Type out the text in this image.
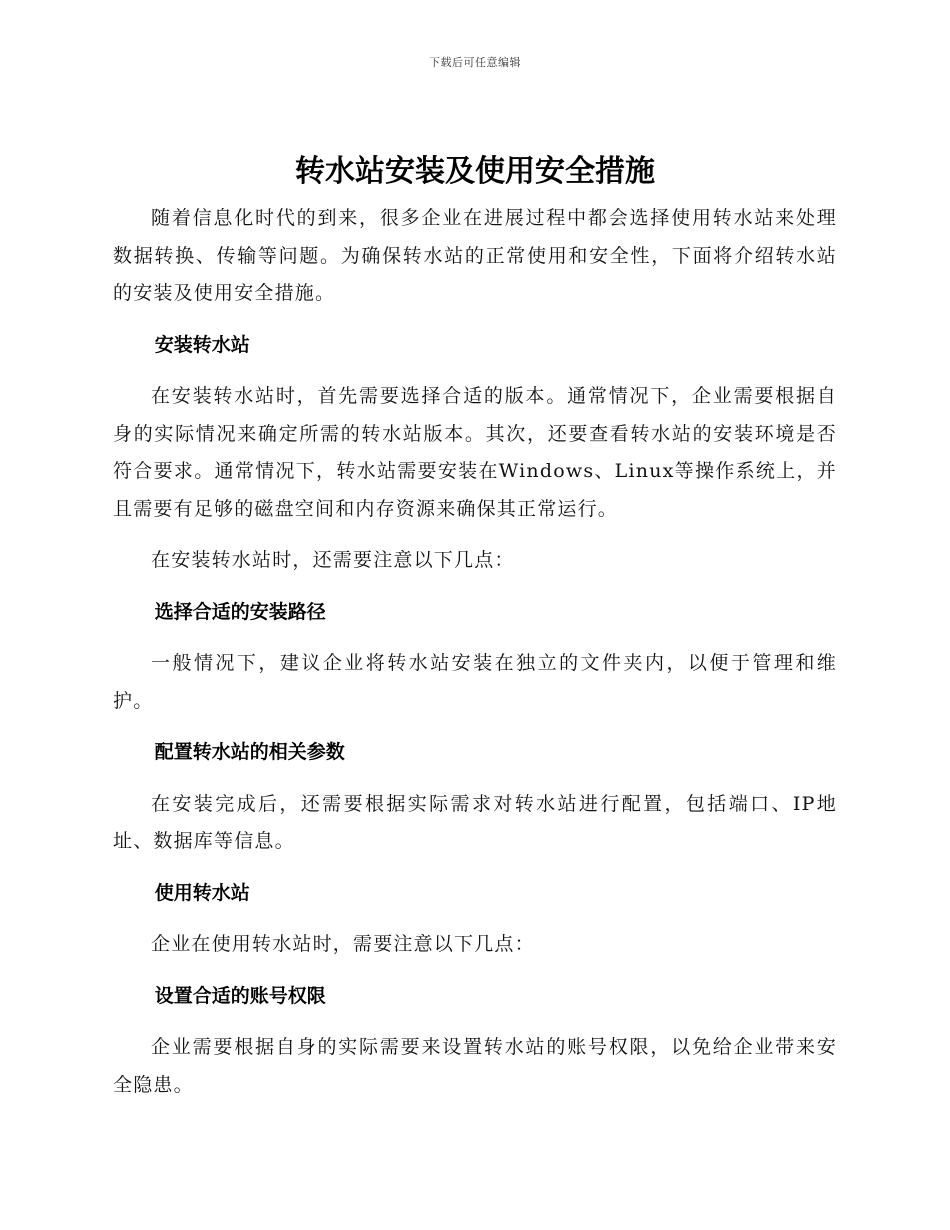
下载后可任意编辑
转水站安装及使用安全措施

随着信息化时代的到来，很多企业在进展过程中都会选择使用转水站来处理数据转换、传输等问题。为确保转水站的正常使用和安全性，下面将介绍转水站的安装及使用安全措施。

安装转水站

在安装转水站时，首先需要选择合适的版本。通常情况下，企业需要根据自身的实际情况来确定所需的转水站版本。其次，还要查看转水站的安装环境是否符合要求。通常情况下，转水站需要安装在Windows、Linux等操作系统上，并且需要有足够的磁盘空间和内存资源来确保其正常运行。

在安装转水站时，还需要注意以下几点：

选择合适的安装路径

一般情况下，建议企业将转水站安装在独立的文件夹内，以便于管理和维护。

配置转水站的相关参数

在安装完成后，还需要根据实际需求对转水站进行配置，包括端口、IP地址、数据库等信息。

使用转水站

企业在使用转水站时，需要注意以下几点：

设置合适的账号权限

企业需要根据自身的实际需要来设置转水站的账号权限，以免给企业带来安全隐患。
